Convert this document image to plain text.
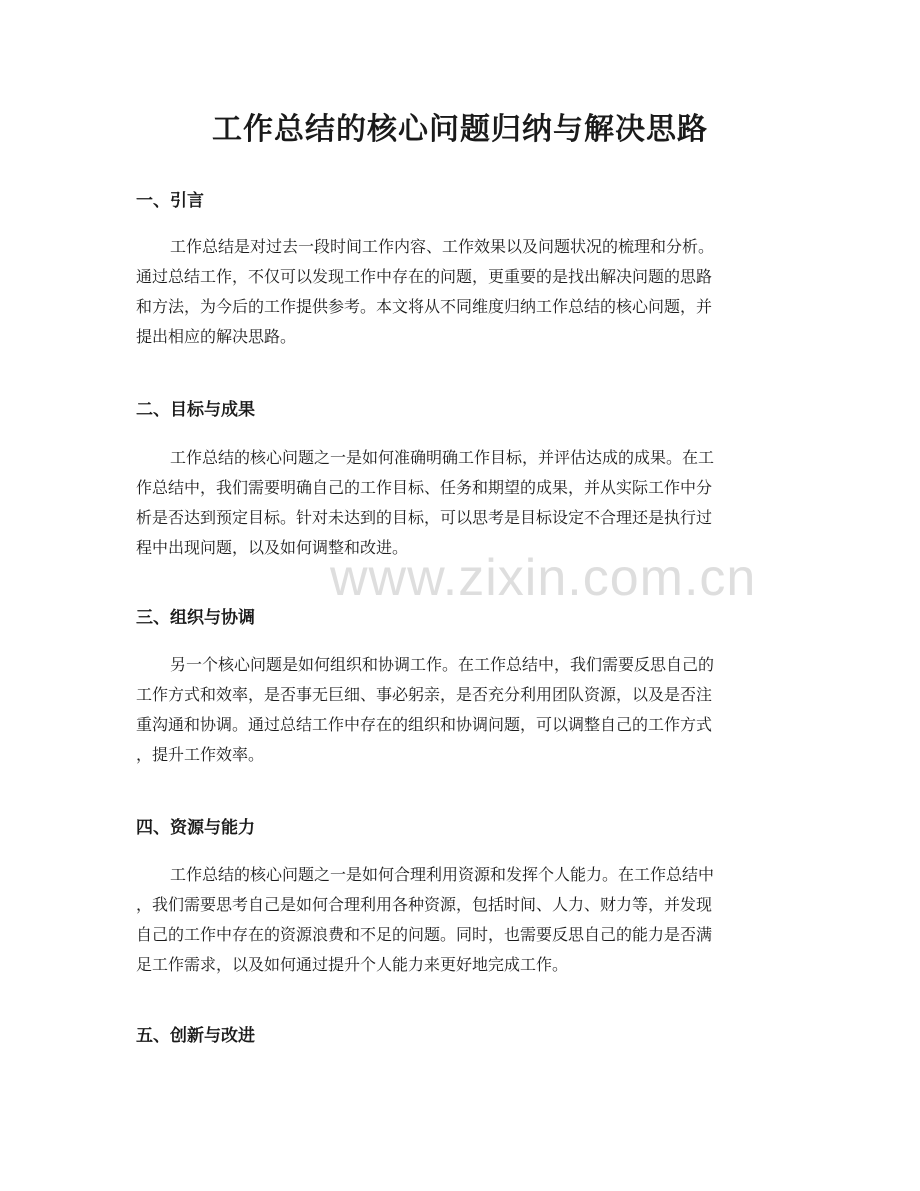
工作总结的核心问题归纳与解决思路
一、引言

工作总结是对过去一段时间工作内容、工作效果以及问题状况的梳理和分析。
通过总结工作，不仅可以发现工作中存在的问题，更重要的是找出解决问题的思路
和方法，为今后的工作提供参考。本文将从不同维度归纳工作总结的核心问题，并
提出相应的解决思路。

二、目标与成果

工作总结的核心问题之一是如何准确明确工作目标，并评估达成的成果。在工
作总结中，我们需要明确自己的工作目标、任务和期望的成果，并从实际工作中分
析是否达到预定目标。针对未达到的目标，可以思考是目标设定不合理还是执行过
程中出现问题，以及如何调整和改进。

三、组织与协调

另一个核心问题是如何组织和协调工作。在工作总结中，我们需要反思自己的
工作方式和效率，是否事无巨细、事必躬亲，是否充分利用团队资源，以及是否注
重沟通和协调。通过总结工作中存在的组织和协调问题，可以调整自己的工作方式
，提升工作效率。

四、资源与能力

工作总结的核心问题之一是如何合理利用资源和发挥个人能力。在工作总结中
，我们需要思考自己是如何合理利用各种资源，包括时间、人力、财力等，并发现
自己的工作中存在的资源浪费和不足的问题。同时，也需要反思自己的能力是否满
足工作需求，以及如何通过提升个人能力来更好地完成工作。

五、创新与改进
www.zixin.com.cn
